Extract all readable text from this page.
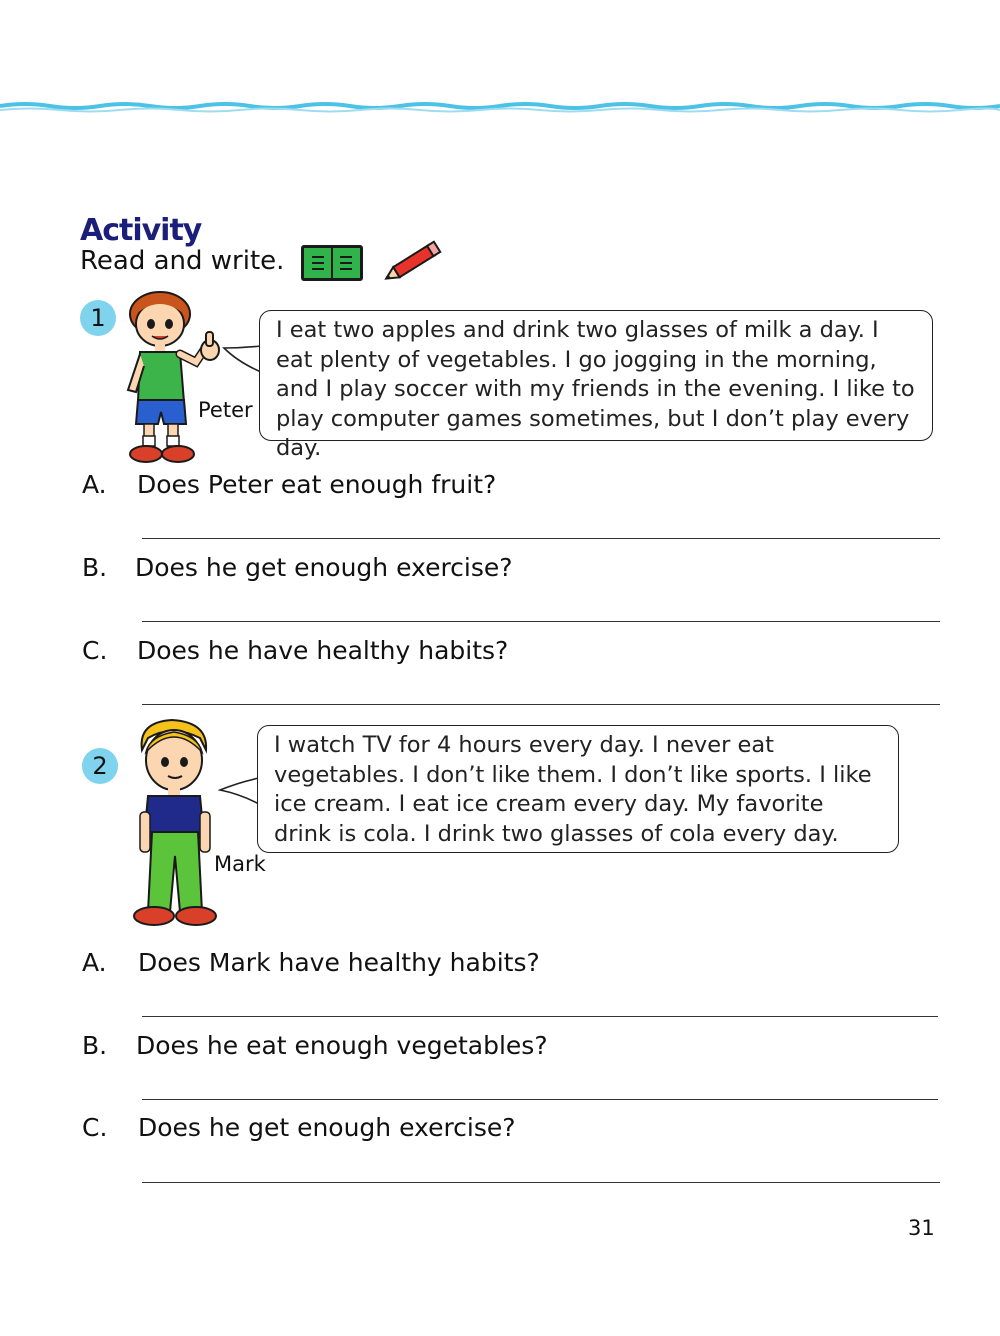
Activity
Read and write.
1
Peter
I eat two apples and drink two glasses of milk a day. I eat plenty of vegetables. I go jogging in the morning, and I play soccer with my friends in the evening. I like to play computer games sometimes, but I don’t play every day.
A. Does Peter eat enough fruit?
B. Does he get enough exercise?
C. Does he have healthy habits?
2
Mark
I watch TV for 4 hours every day. I never eat vegetables. I don’t like them. I don’t like sports. I like ice cream. I eat ice cream every day. My favorite drink is cola. I drink two glasses of cola every day.
A. Does Mark have healthy habits?
B. Does he eat enough vegetables?
C. Does he get enough exercise?
31
